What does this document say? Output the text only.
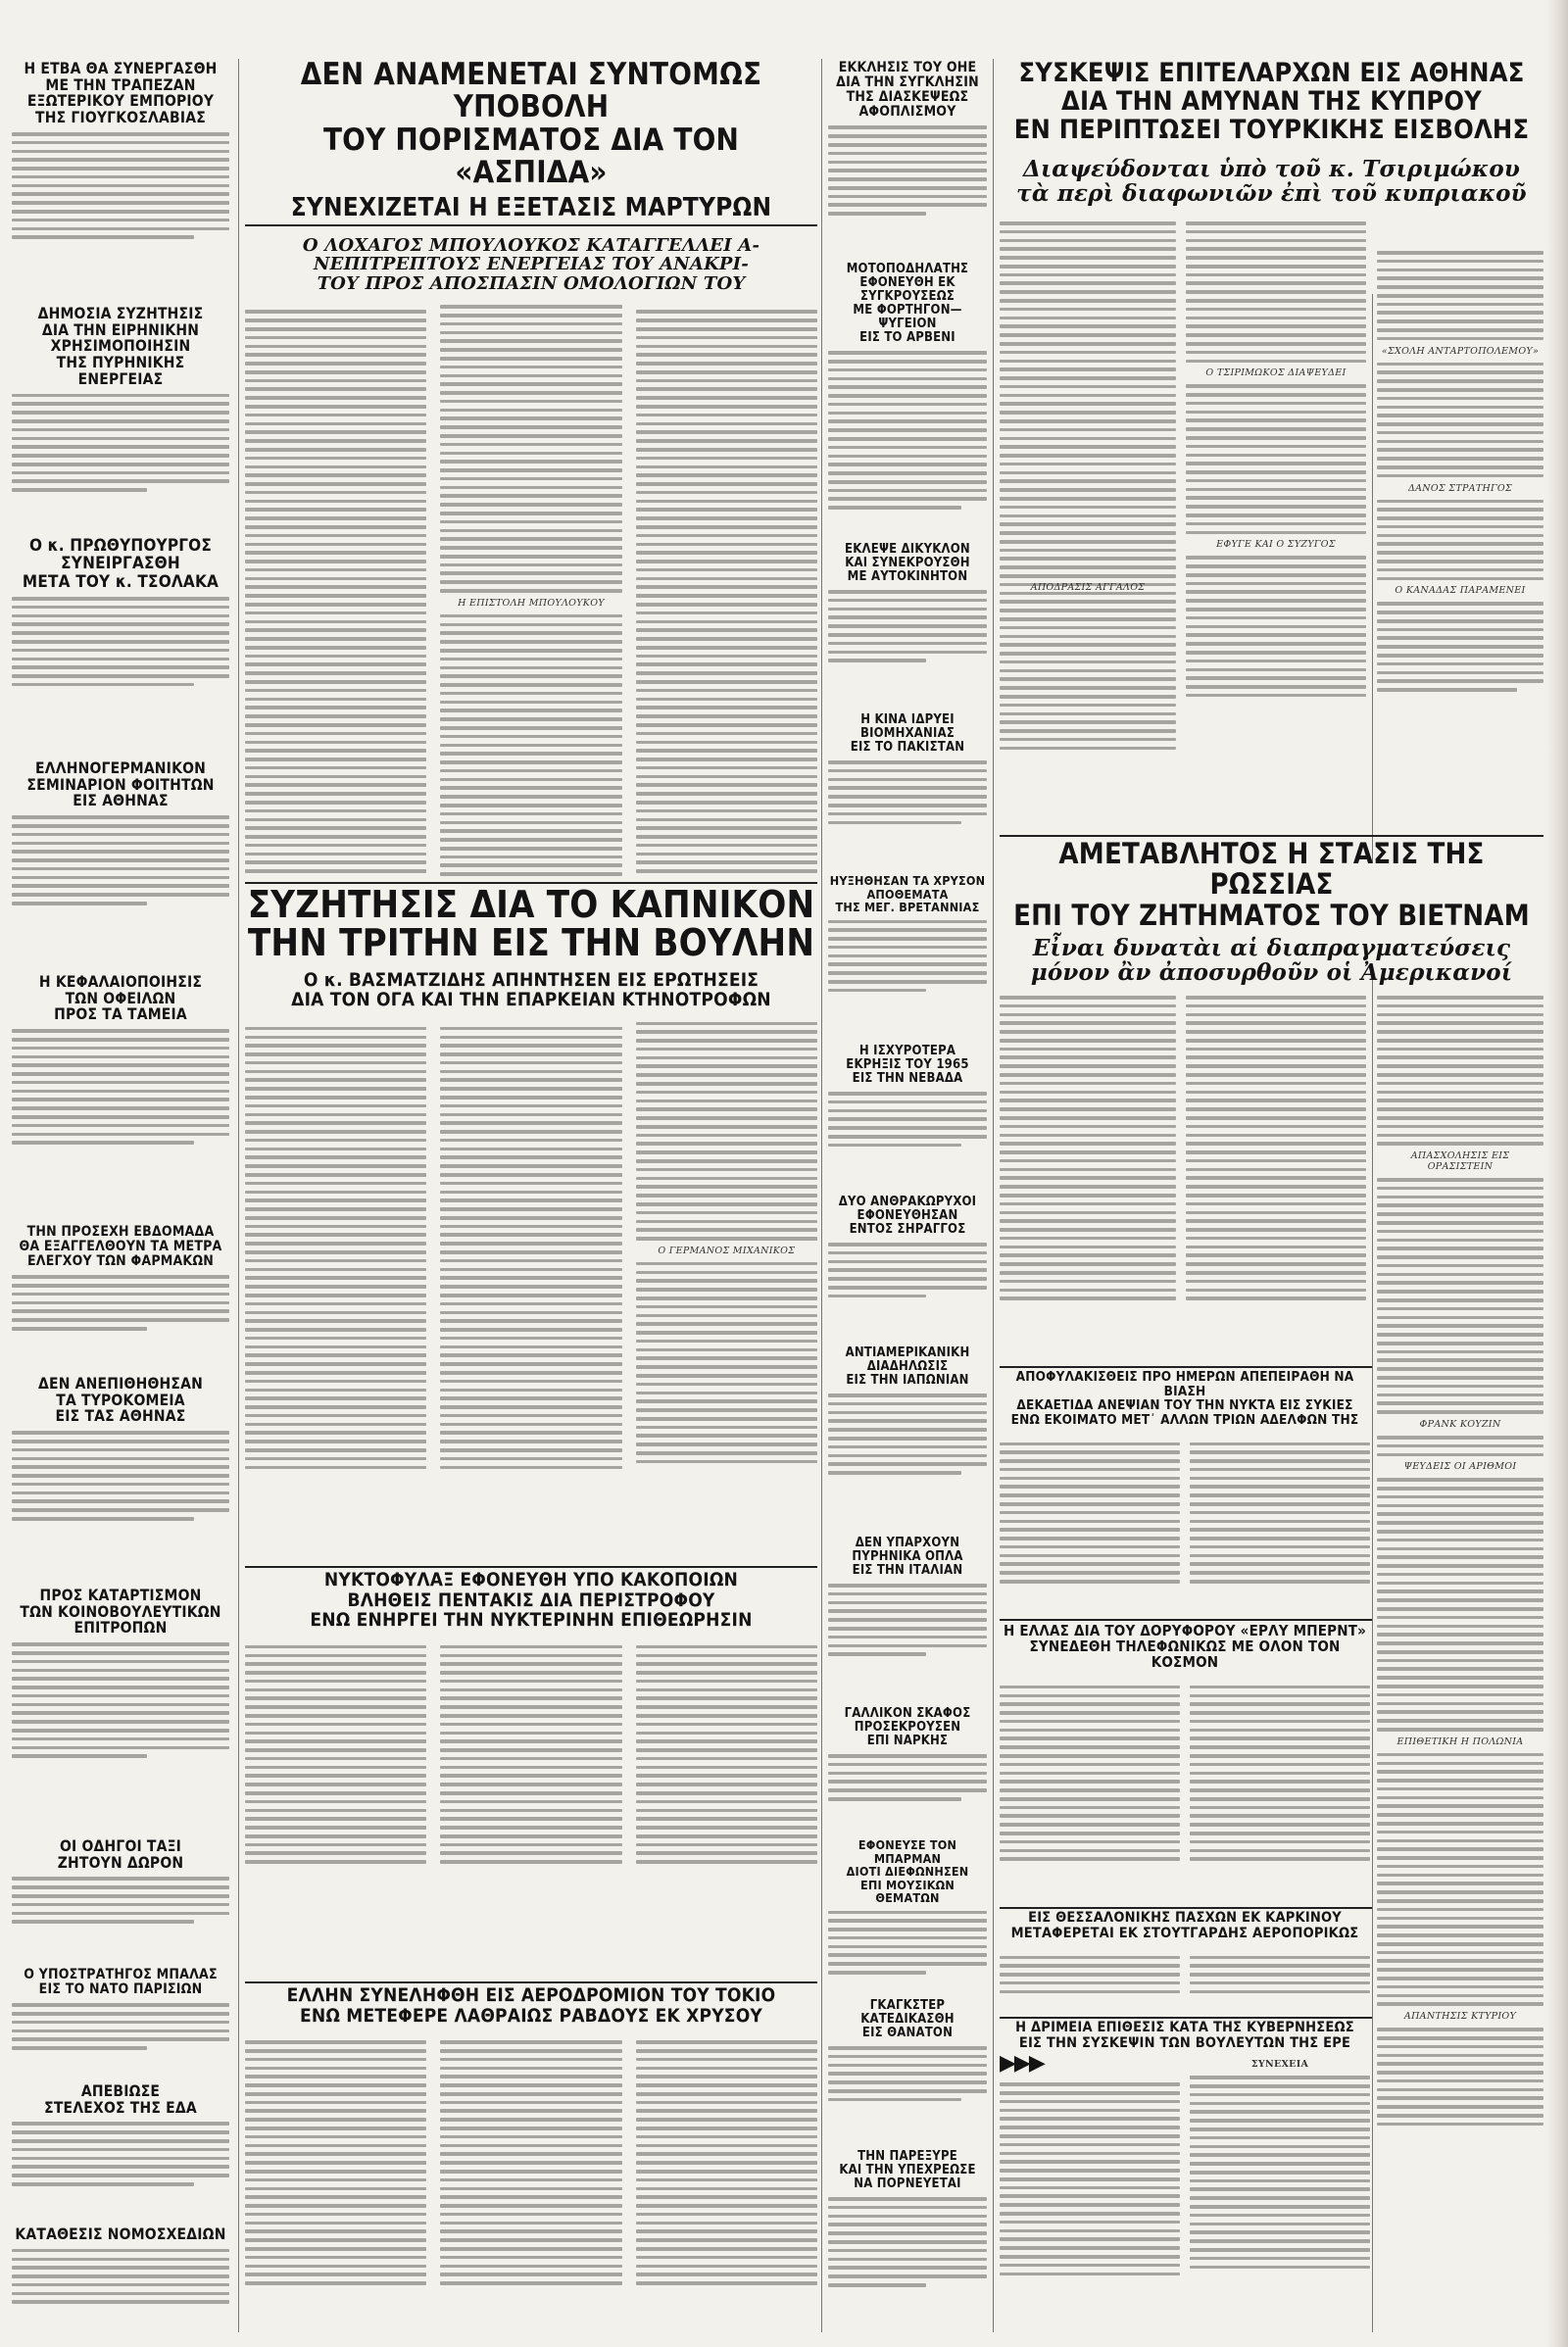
Η ΕΤΒΑ ΘΑ ΣΥΝΕΡΓΑΣΘΗ
ΜΕ ΤΗΝ ΤΡΑΠΕΖΑΝ
ΕΞΩΤΕΡΙΚΟΥ ΕΜΠΟΡΙΟΥ
ΤΗΣ ΓΙΟΥΓΚΟΣΛΑΒΙΑΣ
ΔΗΜΟΣΙΑ ΣΥΖΗΤΗΣΙΣ
ΔΙΑ ΤΗΝ ΕΙΡΗΝΙΚΗΝ
ΧΡΗΣΙΜΟΠΟΙΗΣΙΝ
ΤΗΣ ΠΥΡΗΝΙΚΗΣ ΕΝΕΡΓΕΙΑΣ
Ο κ. ΠΡΩΘΥΠΟΥΡΓΟΣ
ΣΥΝΕΙΡΓΑΣΘΗ
ΜΕΤΑ ΤΟΥ κ. ΤΣΟΛΑΚΑ
ΕΛΛΗΝΟΓΕΡΜΑΝΙΚΟΝ
ΣΕΜΙΝΑΡΙΟΝ ΦΟΙΤΗΤΩΝ
ΕΙΣ ΑΘΗΝΑΣ
Η ΚΕΦΑΛΑΙΟΠΟΙΗΣΙΣ
ΤΩΝ ΟΦΕΙΛΩΝ
ΠΡΟΣ ΤΑ ΤΑΜΕΙΑ
ΤΗΝ ΠΡΟΣΕΧΗ ΕΒΔΟΜΑΔΑ
ΘΑ ΕΞΑΓΓΕΛΘΟΥΝ ΤΑ ΜΕΤΡΑ
ΕΛΕΓΧΟΥ ΤΩΝ ΦΑΡΜΑΚΩΝ
ΔΕΝ ΑΝΕΠΙΘΗΘΗΣΑΝ
ΤΑ ΤΥΡΟΚΟΜΕΙΑ
ΕΙΣ ΤΑΣ ΑΘΗΝΑΣ
ΠΡΟΣ ΚΑΤΑΡΤΙΣΜΟΝ
ΤΩΝ ΚΟΙΝΟΒΟΥΛΕΥΤΙΚΩΝ
ΕΠΙΤΡΟΠΩΝ
ΟΙ ΟΔΗΓΟΙ ΤΑΞΙ
ΖΗΤΟΥΝ ΔΩΡΟΝ
Ο ΥΠΟΣΤΡΑΤΗΓΟΣ ΜΠΑΛΑΣ
ΕΙΣ ΤΟ ΝΑΤΟ ΠΑΡΙΣΙΩΝ
ΑΠΕΒΙΩΣΕ
ΣΤΕΛΕΧΟΣ ΤΗΣ ΕΔΑ
ΚΑΤΑΘΕΣΙΣ ΝΟΜΟΣΧΕΔΙΩΝ
ΔΕΝ ΑΝΑΜΕΝΕΤΑΙ ΣΥΝΤΟΜΩΣ ΥΠΟΒΟΛΗ
ΤΟΥ ΠΟΡΙΣΜΑΤΟΣ ΔΙΑ ΤΟΝ «ΑΣΠΙΔΑ»
ΣΥΝΕΧΙΖΕΤΑΙ Η ΕΞΕΤΑΣΙΣ ΜΑΡΤΥΡΩΝ
Ο ΛΟΧΑΓΟΣ ΜΠΟΥΛΟΥΚΟΣ ΚΑΤΑΓΓΕΛΛΕΙ Α-
ΝΕΠΙΤΡΕΠΤΟΥΣ ΕΝΕΡΓΕΙΑΣ ΤΟΥ ΑΝΑΚΡΙ-
ΤΟΥ ΠΡΟΣ ΑΠΟΣΠΑΣΙΝ ΟΜΟΛΟΓΙΩΝ ΤΟΥ
Η ΕΠΙΣΤΟΛΗ ΜΠΟΥΛΟΥΚΟΥ
ΣΥΖΗΤΗΣΙΣ ΔΙΑ ΤΟ ΚΑΠΝΙΚΟΝ
ΤΗΝ ΤΡΙΤΗΝ ΕΙΣ ΤΗΝ ΒΟΥΛΗΝ
Ο κ. ΒΑΣΜΑΤΖΙΔΗΣ ΑΠΗΝΤΗΣΕΝ ΕΙΣ ΕΡΩΤΗΣΕΙΣ
ΔΙΑ ΤΟΝ ΟΓΑ ΚΑΙ ΤΗΝ ΕΠΑΡΚΕΙΑΝ ΚΤΗΝΟΤΡΟΦΩΝ
Ο ΓΕΡΜΑΝΟΣ ΜΙΧΑΝΙΚΟΣ
ΝΥΚΤΟΦΥΛΑΞ ΕΦΟΝΕΥΘΗ ΥΠΟ ΚΑΚΟΠΟΙΩΝ
ΒΛΗΘΕΙΣ ΠΕΝΤΑΚΙΣ ΔΙΑ ΠΕΡΙΣΤΡΟΦΟΥ
ΕΝΩ ΕΝΗΡΓΕΙ ΤΗΝ ΝΥΚΤΕΡΙΝΗΝ ΕΠΙΘΕΩΡΗΣΙΝ
ΕΛΛΗΝ ΣΥΝΕΛΗΦΘΗ ΕΙΣ ΑΕΡΟΔΡΟΜΙΟΝ ΤΟΥ ΤΟΚΙΟ
ΕΝΩ ΜΕΤΕΦΕΡΕ ΛΑΘΡΑΙΩΣ ΡΑΒΔΟΥΣ ΕΚ ΧΡΥΣΟΥ
ΕΚΚΛΗΣΙΣ ΤΟΥ ΟΗΕ
ΔΙΑ ΤΗΝ ΣΥΓΚΛΗΣΙΝ
ΤΗΣ ΔΙΑΣΚΕΨΕΩΣ
ΑΦΟΠΛΙΣΜΟΥ
ΜΟΤΟΠΟΔΗΛΑΤΗΣ
ΕΦΟΝΕΥΘΗ ΕΚ ΣΥΓΚΡΟΥΣΕΩΣ
ΜΕ ΦΟΡΤΗΓΟΝ—ΨΥΓΕΙΟΝ
ΕΙΣ ΤΟ ΑΡΒΕΝΙ
ΕΚΛΕΨΕ ΔΙΚΥΚΛΟΝ
ΚΑΙ ΣΥΝΕΚΡΟΥΣΘΗ
ΜΕ ΑΥΤΟΚΙΝΗΤΟΝ
Η ΚΙΝΑ ΙΔΡΥΕΙ
ΒΙΟΜΗΧΑΝΙΑΣ
ΕΙΣ ΤΟ ΠΑΚΙΣΤΑΝ
ΗΥΞΗΘΗΣΑΝ ΤΑ ΧΡΥΣΟΝ
ΑΠΟΘΕΜΑΤΑ
ΤΗΣ ΜΕΓ. ΒΡΕΤΑΝΝΙΑΣ
Η ΙΣΧΥΡΟΤΕΡΑ
ΕΚΡΗΞΙΣ ΤΟΥ 1965
ΕΙΣ ΤΗΝ ΝΕΒΑΔΑ
ΔΥΟ ΑΝΘΡΑΚΩΡΥΧΟΙ
ΕΦΟΝΕΥΘΗΣΑΝ
ΕΝΤΟΣ ΣΗΡΑΓΓΟΣ
ΑΝΤΙΑΜΕΡΙΚΑΝΙΚΗ
ΔΙΑΔΗΛΩΣΙΣ
ΕΙΣ ΤΗΝ ΙΑΠΩΝΙΑΝ
ΔΕΝ ΥΠΑΡΧΟΥΝ
ΠΥΡΗΝΙΚΑ ΟΠΛΑ
ΕΙΣ ΤΗΝ ΙΤΑΛΙΑΝ
ΓΑΛΛΙΚΟΝ ΣΚΑΦΟΣ
ΠΡΟΣΕΚΡΟΥΣΕΝ
ΕΠΙ ΝΑΡΚΗΣ
ΕΦΟΝΕΥΣΕ ΤΟΝ ΜΠΑΡΜΑΝ
ΔΙΟΤΙ ΔΙΕΦΩΝΗΣΕΝ
ΕΠΙ ΜΟΥΣΙΚΩΝ ΘΕΜΑΤΩΝ
ΓΚΑΓΚΣΤΕΡ
ΚΑΤΕΔΙΚΑΣΘΗ
ΕΙΣ ΘΑΝΑΤΟΝ
ΤΗΝ ΠΑΡΕΞΥΡΕ
ΚΑΙ ΤΗΝ ΥΠΕΧΡΕΩΣΕ
ΝΑ ΠΟΡΝΕΥΕΤΑΙ
ΣΥΣΚΕΨΙΣ ΕΠΙΤΕΛΑΡΧΩΝ ΕΙΣ ΑΘΗΝΑΣ
ΔΙΑ ΤΗΝ ΑΜΥΝΑΝ ΤΗΣ ΚΥΠΡΟΥ
ΕΝ ΠΕΡΙΠΤΩΣΕΙ ΤΟΥΡΚΙΚΗΣ ΕΙΣΒΟΛΗΣ
Διαψεύδονται ὑπὸ τοῦ κ. Τσιριμώκου
τὰ περὶ διαφωνιῶν ἐπὶ τοῦ κυπριακοῦ
Ο ΤΣΙΡΙΜΩΚΟΣ ΔΙΑΨΕΥΔΕΙ
ΕΦΥΓΕ ΚΑΙ Ο ΣΥΖΥΓΟΣ
«ΣΧΟΛΗ ΑΝΤΑΡΤΟΠΟΛΕΜΟΥ»
ΔΑΝΟΣ ΣΤΡΑΤΗΓΟΣ
Ο ΚΑΝΑΔΑΣ ΠΑΡΑΜΕΝΕΙ
ΑΠΟΔΡΑΣΙΣ ΑΓΓΑΛΟΣ
ΑΜΕΤΑΒΛΗΤΟΣ Η ΣΤΑΣΙΣ ΤΗΣ ΡΩΣΣΙΑΣ
ΕΠΙ ΤΟΥ ΖΗΤΗΜΑΤΟΣ ΤΟΥ ΒΙΕΤΝΑΜ
Εἶναι δυνατὰι αἱ διαπραγματεύσεις
μόνον ἂν ἀποσυρθοῦν οἱ Ἀμερικανοί
ΑΠΑΣΧΟΛΗΣΙΣ ΕΙΣ ΟΡΑΣΙΣΤΕΙΝ
ΦΡΑΝΚ ΚΟΥΖΙΝ
ΨΕΥΔΕΙΣ ΟΙ ΑΡΙΘΜΟΙ
ΕΠΙΘΕΤΙΚΗ Η ΠΟΛΩΝΙΑ
ΑΠΑΝΤΗΣΙΣ ΚΤΥΡΙΟΥ
ΑΠΟΦΥΛΑΚΙΣΘΕΙΣ ΠΡΟ ΗΜΕΡΩΝ ΑΠΕΠΕΙΡΑΘΗ ΝΑ ΒΙΑΣΗ
ΔΕΚΑΕΤΙΔΑ ΑΝΕΨΙΑΝ ΤΟΥ ΤΗΝ ΝΥΚΤΑ ΕΙΣ ΣΥΚΙΕΣ
ΕΝΩ ΕΚΟΙΜΑΤΟ ΜΕΤ᾽ ΑΛΛΩΝ ΤΡΙΩΝ ΑΔΕΛΦΩΝ ΤΗΣ
Η ΕΛΛΑΣ ΔΙΑ ΤΟΥ ΔΟΡΥΦΟΡΟΥ «ΕΡΛΥ ΜΠΕΡΝΤ»
ΣΥΝΕΔΕΘΗ ΤΗΛΕΦΩΝΙΚΩΣ ΜΕ ΟΛΟΝ ΤΟΝ ΚΟΣΜΟΝ
ΕΙΣ ΘΕΣΣΑΛΟΝΙΚΗΣ ΠΑΣΧΩΝ ΕΚ ΚΑΡΚΙΝΟΥ
ΜΕΤΑΦΕΡΕΤΑΙ ΕΚ ΣΤΟΥΤΓΑΡΔΗΣ ΑΕΡΟΠΟΡΙΚΩΣ
Η ΔΡΙΜΕΙΑ ΕΠΙΘΕΣΙΣ ΚΑΤΑ ΤΗΣ ΚΥΒΕΡΝΗΣΕΩΣ
ΕΙΣ ΤΗΝ ΣΥΣΚΕΨΙΝ ΤΩΝ ΒΟΥΛΕΥΤΩΝ ΤΗΣ ΕΡΕ
▶▶▶	ΣΥΝΕΧΕΙΑ
